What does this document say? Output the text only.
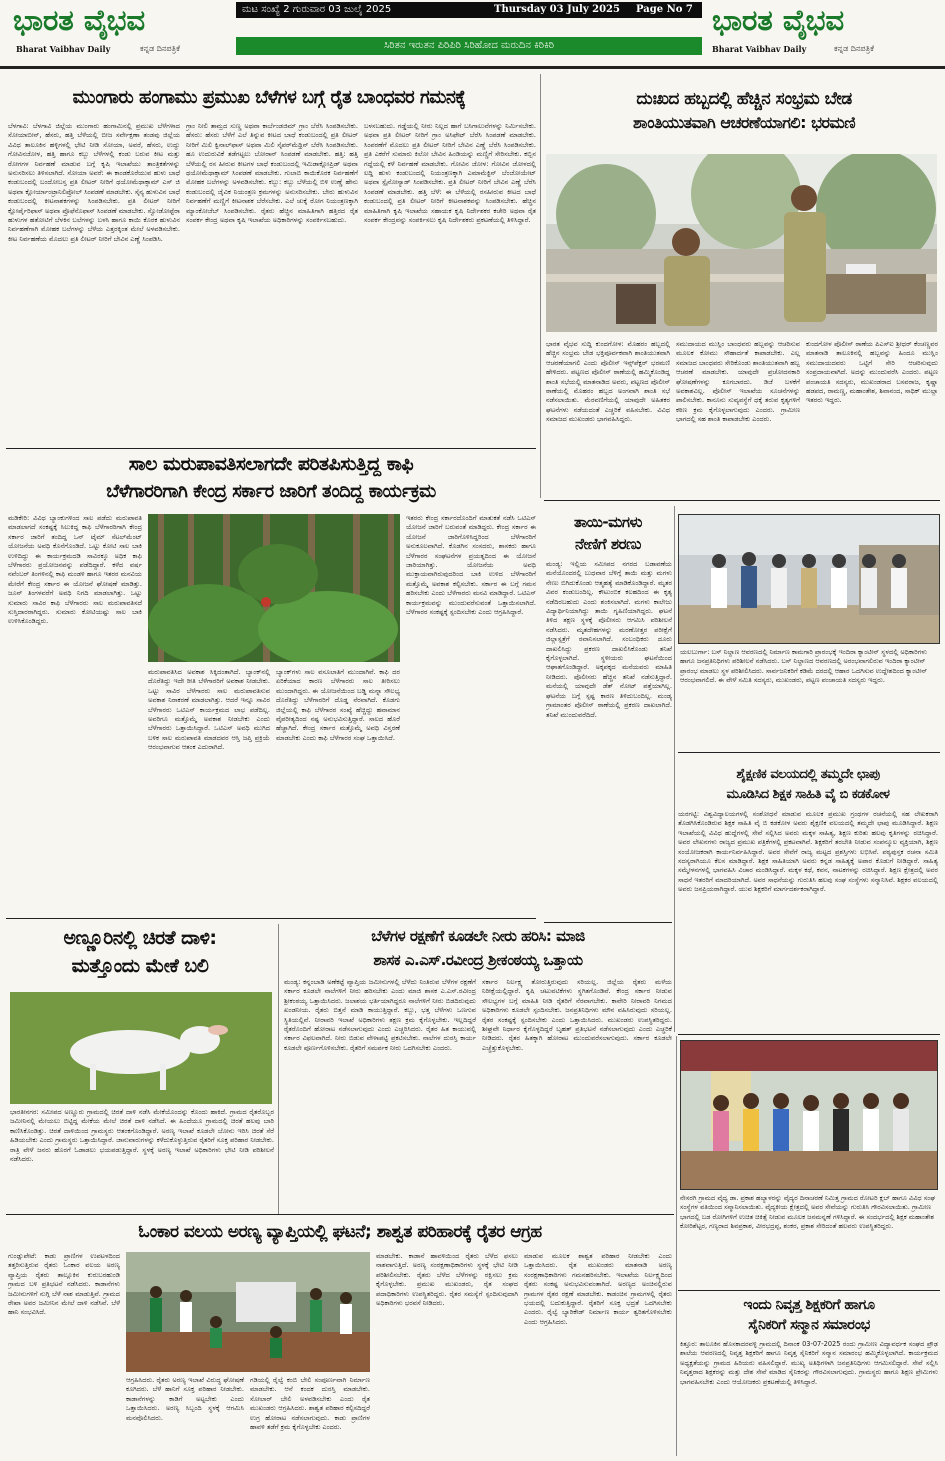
ಭಾರತ ವೈಭವ
Bharat Vaibhav Daily	ಕನ್ನಡ ದಿನಪತ್ರಿಕೆ
ಮಟ ಸಂಖ್ಯೆ 2 ಗುರುವಾರ 03 ಜುಲೈ 2025	Thursday 03 July 2025	Page No 7
ಸಿರಿತನ ಇರುತನ ಪಿರಿಪಿರಿ ಸಿರಿಹೋದ ಮರುದಿನ ಕಿರಿಕಿರಿ
ಭಾರತ ವೈಭವ
Bharat Vaibhav Daily	ಕನ್ನಡ ದಿನಪತ್ರಿಕೆ
ಮುಂಗಾರು ಹಂಗಾಮು ಪ್ರಮುಖ ಬೆಳೆಗಳ ಬಗ್ಗೆ ರೈತ ಬಾಂಧವರ ಗಮನಕ್ಕೆ
ಬೆಳಗಾವಿ: ಬೆಳಗಾವಿ ಜಿಲ್ಲೆಯ ಮುಂಗಾರು ಹಂಗಾಮಿನಲ್ಲಿ ಪ್ರಮುಖ ಬೆಳೆಗಳಾದ ಸೋಯಾಬೀನ್, ಹೆಸರು, ಹತ್ತಿ ಬೆಳೆಯಲ್ಲಿ ಬೀಜ ಸರ್ವೇಕ್ಷಣಾ ತಂಡವು ಜಿಲ್ಲೆಯ ವಿವಿಧ ತಾಲೂಕಿನ ಹಳ್ಳಿಗಳಲ್ಲಿ ಭೇಟಿ ನೀಡಿ ಸೋಯಾ, ಅವರೆ, ಹೆಸರು, ಉದ್ದು ಗೋವಿನಜೋಳ, ಹತ್ತಿ ಹಾಗೂ ಕಬ್ಬು ಬೆಳೆಗಳಲ್ಲಿ ಕಂಡು ಬರುವ ಕೀಟ ಮತ್ತು ರೋಗಗಳ ನಿರ್ವಹಣೆ ಮಾಡುವ ಬಗ್ಗೆ ಕೃಷಿ ಇಲಾಖೆಯು ತಾಂತ್ರಿಕತೆಗಳನ್ನು ಅನುಸರಿಸಲು ತಿಳಿಸಲಾಗಿದೆ. ಸೋಯಾ ಅವರೆ: ಈ ಕಾಂಡಕೊರೆಯುವ ಹುಳು ಬಾಧೆ ಕಂಡುಬಂದಲ್ಲಿ ಬಂದೋಬಸ್ತ ಪ್ರತಿ ಲೀಟರ್ ನೀರಿಗೆ ಥಯೋಮೆಥಾಕ್ಸಾಮ್ ಎಸ್ ಜಿ ಅಥವಾ ಕ್ಲೋರ್ಯಾಂಟ್ರಾನಿಲಿಪ್ರೋಲ್ ಸಿಂಪಡಣೆ ಮಾಡಬೇಕು. ಸೈನ್ಯ ಹುಳುವಿನ ಬಾಧೆ ಕಂಡುಬಂದಲ್ಲಿ ಕೀಟನಾಶಕಗಳನ್ನು ಸಿಂಪಡಿಸಬೇಕು. ಪ್ರತಿ ಲೀಟರ್ ನೀರಿಗೆ ಕ್ಲೋರ್ಪೈರಿಫಾಸ್ ಅಥವಾ ಪ್ರೊಫೆನೊಫಾಸ್ ಸಿಂಪಡಣೆ ಮಾಡಬೇಕು. ಸ್ವೋಡೋಪ್ಟೆರಾ ಹುಳುಗಳ ಹತೋಟಿಗೆ ಬೆಳಕಿನ ಬಲೆಗಳನ್ನು ಬಳಸಿ ಹಾಗೂ ಕಾಯಿ ಕೊರಕ ಹುಳುವಿನ ನಿರ್ವಹಣೆಗಾಗಿ ಮೋಹಕ ಬಲೆಗಳನ್ನು ಬೆಳೆಯ ಎತ್ತರಕ್ಕಿಂತ ಮೇಲೆ ಅಳವಡಿಸಬೇಕು. ಕೀಟ ನಿರ್ವಹಣೆಯ ಮೊದಲು ಪ್ರತಿ ಲೀಟರ್ ನೀರಿಗೆ ಬೇವಿನ ಎಣ್ಣೆ ಸಿಂಪಡಿಸಿ.
ಗ್ರಾಂ ನೀಲಿ ತಾಮ್ರದ ಸುಣ್ಣ ಅಥವಾ ಕಾರ್ಬೆಂಡಜಿಮ್ ಗ್ರಾಂ ಬೆರೆಸಿ ಸಿಂಪಡಿಸಬೇಕು. ಹೆಸರು: ಹೆಸರು ಬೆಳೆಗೆ ಎಲೆ ತಿನ್ನುವ ಕೀಟದ ಬಾಧೆ ಕಂಡುಬಂದಲ್ಲಿ ಪ್ರತಿ ಲೀಟರ್ ನೀರಿಗೆ ಮಿಲಿ ಕ್ವಿನಾಲ್‌ಫಾಸ್ ಅಥವಾ ಮಿಲಿ ಸೈಪರ್‌ಮೆಥ್ರಿನ್ ಬೆರೆಸಿ ಸಿಂಪಡಿಸಬೇಕು. ಹೂ ಉದುರುವಿಕೆ ತಡೆಗಟ್ಟಲು ಬೋರಾನ್ ಸಿಂಪಡಣೆ ಮಾಡಬೇಕು. ಹತ್ತಿ: ಹತ್ತಿ ಬೆಳೆಯಲ್ಲಿ ರಸ ಹೀರುವ ಕೀಟಗಳ ಬಾಧೆ ಕಂಡುಬಂದಲ್ಲಿ ಇಮಿಡಾಕ್ಲೋಪ್ರಿಡ್ ಅಥವಾ ಥಯೋಮೆಥಾಕ್ಸಾಮ್ ಸಿಂಪಡಣೆ ಮಾಡಬೇಕು. ಗುಲಾಬಿ ಕಾಯಿಕೊರಕ ನಿರ್ವಹಣೆಗೆ ಮೋಹಕ ಬಲೆಗಳನ್ನು ಅಳವಡಿಸಬೇಕು. ಕಬ್ಬು: ಕಬ್ಬು ಬೆಳೆಯಲ್ಲಿ ಬಿಳಿ ಉಣ್ಣೆ ಹೇನು ಕಂಡುಬಂದಲ್ಲಿ ಜೈವಿಕ ನಿಯಂತ್ರಣ ಕ್ರಮಗಳನ್ನು ಅನುಸರಿಸಬೇಕು. ಬೇರು ಹುಳುವಿನ ನಿರ್ವಹಣೆಗೆ ಮಣ್ಣಿಗೆ ಕೀಟನಾಶಕ ಬೆರೆಸಬೇಕು. ಎಲೆ ಚುಕ್ಕೆ ರೋಗ ನಿಯಂತ್ರಣಕ್ಕಾಗಿ ಮ್ಯಾಂಕೋಜೆಬ್ ಸಿಂಪಡಿಸಬೇಕು. ರೈತರು ಹೆಚ್ಚಿನ ಮಾಹಿತಿಗಾಗಿ ಹತ್ತಿರದ ರೈತ ಸಂಪರ್ಕ ಕೇಂದ್ರ ಅಥವಾ ಕೃಷಿ ಇಲಾಖೆಯ ಅಧಿಕಾರಿಗಳನ್ನು ಸಂಪರ್ಕಿಸಬಹುದು.
ಬಳಸಬಹುದು. ಗಡ್ಡೆಯಲ್ಲಿ ನೀರು ನಿಲ್ಲದ ಹಾಗೆ ಬಸಿಗಾಲುವೆಗಳನ್ನು ನಿರ್ಮಿಸಬೇಕು. ಅಥವಾ ಪ್ರತಿ ಲೀಟರ್ ನೀರಿಗೆ ಗ್ರಾಂ ಅಸಿಫೇಟ್ ಬೆರೆಸಿ ಸಿಂಪಡಣೆ ಮಾಡಬೇಕು. ಸಿಂಪರಣೆಗೆ ಮೊದಲು ಪ್ರತಿ ಲೀಟರ್ ನೀರಿಗೆ ಬೇವಿನ ಎಣ್ಣೆ ಬೆರೆಸಿ ಸಿಂಪಡಿಸಬೇಕು. ಪ್ರತಿ ಎಕರೆಗೆ ಸುಮಾರು ಕಿಲೋ ಬೇವಿನ ಹಿಂಡಿಯನ್ನು ಮಣ್ಣಿಗೆ ಸೇರಿಸಬೇಕು. ಕಬ್ಬಿನ ಗದ್ದೆಯಲ್ಲಿ ಕಳೆ ನಿರ್ವಹಣೆ ಮಾಡಬೇಕು. ಗೋವಿನ ಜೋಳ: ಗೋವಿನ ಜೋಳದಲ್ಲಿ ಲದ್ದಿ ಹುಳು ಕಂಡುಬಂದಲ್ಲಿ ನಿಯಂತ್ರಣಕ್ಕಾಗಿ ಎಮಾಮೆಕ್ಟಿನ್ ಬೆಂಜೋಯೇಟ್ ಅಥವಾ ಸ್ಪೈನೋಸ್ಯಾಡ್ ಸಿಂಪಡಿಸಬೇಕು. ಪ್ರತಿ ಲೀಟರ್ ನೀರಿಗೆ ಬೇವಿನ ಎಣ್ಣೆ ಬೆರೆಸಿ ಸಿಂಪಡಣೆ ಮಾಡಬೇಕು. ಹತ್ತಿ ಬೆಳೆ: ಈ ಬೆಳೆಯಲ್ಲಿ ರಸಹೀರುವ ಕೀಟದ ಬಾಧೆ ಕಂಡುಬಂದಲ್ಲಿ ಪ್ರತಿ ಲೀಟರ್ ನೀರಿಗೆ ಕೀಟನಾಶಕವನ್ನು ಸಿಂಪಡಿಸಬೇಕು. ಹೆಚ್ಚಿನ ಮಾಹಿತಿಗಾಗಿ ಕೃಷಿ ಇಲಾಖೆಯ ಸಹಾಯಕ ಕೃಷಿ ನಿರ್ದೇಶಕರ ಕಚೇರಿ ಅಥವಾ ರೈತ ಸಂಪರ್ಕ ಕೇಂದ್ರವನ್ನು ಸಂಪರ್ಕಿಸಲು ಕೃಷಿ ನಿರ್ದೇಶಕರು ಪ್ರಕಟಣೆಯಲ್ಲಿ ತಿಳಿಸಿದ್ದಾರೆ.
ದುಃಖದ ಹಬ್ಬದಲ್ಲಿ ಹೆಚ್ಚಿನ ಸಂಭ್ರಮ ಬೇಡ
ಶಾಂತಿಯುತವಾಗಿ ಆಚರಣೆಯಾಗಲಿ: ಭರಮಣಿ
ಭಾರತ ವೈಭವ ಸುದ್ದಿ ಕುಂದಗೋಳ: ಮೊಹರಂ ಹಬ್ಬದಲ್ಲಿ ಹೆಚ್ಚಿನ ಸಂಭ್ರಮ ಬೇಡ ಭಕ್ತಿಪೂರ್ವಕವಾಗಿ ಶಾಂತಿಯುತವಾಗಿ ಆಚರಣೆಯಾಗಲಿ ಎಂದು ಪೊಲೀಸ್ ಇನ್ಸ್‌ಪೆಕ್ಟರ್ ಭರಮಣಿ ಹೇಳಿದರು. ಪಟ್ಟಣದ ಪೊಲೀಸ್ ಠಾಣೆಯಲ್ಲಿ ಹಮ್ಮಿಕೊಂಡಿದ್ದ ಶಾಂತಿ ಸಭೆಯಲ್ಲಿ ಮಾತನಾಡಿದ ಅವರು, ಪಟ್ಟಣದ ಪೊಲೀಸ್ ಠಾಣೆಯಲ್ಲಿ ಮೊಹರಂ ಹಬ್ಬದ ಅಂಗವಾಗಿ ಶಾಂತಿ ಸಭೆ ನಡೆಸಲಾಯಿತು. ಮೆರವಣಿಗೆಯಲ್ಲಿ ಯಾವುದೇ ಅಹಿತಕರ ಘಟನೆಗಳು ನಡೆಯದಂತೆ ಎಚ್ಚರಿಕೆ ವಹಿಸಬೇಕು. ವಿವಿಧ ಸಮಾಜದ ಮುಖಂಡರು ಭಾಗವಹಿಸಿದ್ದರು.
ಸಮುದಾಯದ ಮುಸ್ಲಿಂ ಬಾಂಧವರು ಹಬ್ಬವನ್ನು ಆಚರಿಸುವ ಮೂಲಕ ಕೋಮು ಸೌಹಾರ್ದತೆ ಕಾಪಾಡಬೇಕು. ಎಲ್ಲ ಸಮಾಜದ ಬಾಂಧವರು ಸೇರಿಕೊಂಡು ಶಾಂತಿಯುತವಾಗಿ ಹಬ್ಬ ಆಚರಣೆ ಮಾಡಬೇಕು. ಯಾವುದೇ ಪ್ರಚೋದನಕಾರಿ ಘೋಷಣೆಗಳನ್ನು ಕೂಗಬಾರದು. ಡಿಜೆ ಬಳಕೆಗೆ ಅವಕಾಶವಿಲ್ಲ. ಪೊಲೀಸ್ ಇಲಾಖೆಯ ಸೂಚನೆಗಳನ್ನು ಪಾಲಿಸಬೇಕು. ಕಾನೂನು ಸುವ್ಯವಸ್ಥೆಗೆ ಧಕ್ಕೆ ತರುವ ಕೃತ್ಯಗಳಿಗೆ ಕಠಿಣ ಕ್ರಮ ಕೈಗೊಳ್ಳಲಾಗುವುದು ಎಂದರು. ಗ್ರಾಮೀಣ ಭಾಗದಲ್ಲಿ ಸಹ ಶಾಂತಿ ಕಾಪಾಡಬೇಕು ಎಂದರು.
ಕುಂದಗೋಳ ಪೊಲೀಸ್ ಠಾಣೆಯ ಪಿಎಸ್ಐ ಶ್ರೀಧರ್ ಕೆಂಚಣ್ಣವರ ಮಾತನಾಡಿ ತಾಲೂಕಿನಲ್ಲಿ ಹಬ್ಬವನ್ನು ಹಿಂದೂ ಮುಸ್ಲಿಂ ಸಮುದಾಯದವರು ಒಟ್ಟಿಗೆ ಸೇರಿ ಆಚರಿಸುವುದು ಸಂಪ್ರದಾಯವಾಗಿದೆ. ಅದನ್ನು ಮುಂದುವರೆಸಿ ಎಂದರು. ಪಟ್ಟಣ ಪಂಚಾಯತಿ ಸದಸ್ಯರು, ಮುಖಂಡರಾದ ಬಸವರಾಜ, ಕೃಷ್ಣಾ ಹಡಪದ, ರಾಮಣ್ಣ, ಮಹಾಂತೇಶ, ಶಿವಾನಂದ, ಸಾಧಿಕ್ ಮುಲ್ಲಾ ಇತರರು ಇದ್ದರು.
ಸಾಲ ಮರುಪಾವತಿಸಲಾಗದೇ ಪರಿತಪಿಸುತ್ತಿದ್ದ ಕಾಫಿ
ಬೆಳೆಗಾರರಿಗಾಗಿ ಕೇಂದ್ರ ಸರ್ಕಾರ ಜಾರಿಗೆ ತಂದಿದ್ದ ಕಾರ್ಯಕ್ರಮ
ಮಡಿಕೇರಿ: ವಿವಿಧ ಬ್ಯಾಂಕುಗಳಿಂದ ಸಾಲ ಪಡೆದು ಮರುಪಾವತಿ ಮಾಡಲಾಗದೆ ಸಂಕಷ್ಟಕ್ಕೆ ಸಿಲುಕಿದ್ದ ಕಾಫಿ ಬೆಳೆಗಾರರಿಗಾಗಿ ಕೇಂದ್ರ ಸರ್ಕಾರ ಜಾರಿಗೆ ತಂದಿದ್ದ ಒನ್ ಟೈಮ್ ಸೆಟಲ್‌ಮೆಂಟ್ ಯೋಜನೆಯ ಅವಧಿ ಕೊನೆಗೊಂಡಿದೆ. ಒಟ್ಟು ಕೋಟಿ ಸಾಲ ಬಾಕಿ ಉಳಿದಿದ್ದು ಈ ಕಾರ್ಯಕ್ರಮದಡಿ ಸಾವಿರಕ್ಕೂ ಅಧಿಕ ಕಾಫಿ ಬೆಳೆಗಾರರು ಪ್ರಯೋಜನವನ್ನು ಪಡೆದಿದ್ದಾರೆ. ಕಳೆದ ವರ್ಷ ನವೆಂಬರ್ ತಿಂಗಳಿನಲ್ಲಿ ಕಾಫಿ ಮಂಡಳಿ ಹಾಗೂ ಇತರರ ಮನವಿಯ ಮೇರೆಗೆ ಕೇಂದ್ರ ಸರ್ಕಾರ ಈ ಯೋಜನೆ ಘೋಷಣೆ ಮಾಡಿತ್ತು. ಜೂನ್ ತಿಂಗಳವರೆಗೆ ಅವಧಿ ನಿಗದಿ ಮಾಡಲಾಗಿತ್ತು. ಒಟ್ಟು ಸುಮಾರು ಸಾವಿರ ಕಾಫಿ ಬೆಳೆಗಾರರು ಸಾಲ ಮರುಪಾವತಿಸದೆ ಸುಸ್ತಿದಾರರಾಗಿದ್ದರು. ಸುಮಾರು ಕೋಟಿಯಷ್ಟು ಸಾಲ ಬಾಕಿ ಉಳಿಸಿಕೊಂಡಿದ್ದರು.
ಮರುಪಾವತಿಸಿದ ಅವಕಾಶ ಸಿಕ್ಕಿದಂತಾಗಿದೆ. ಬ್ಯಾಂಕ್‌ನಲ್ಲಿ ದೊರೆತಿದ್ದು ಇದೇ ರೀತಿ ಬೆಳೆಗಾರರಿಗೆ ಅವಕಾಶ ನೀಡಬೇಕು. ಒಟ್ಟು ಸಾವಿರ ಬೆಳೆಗಾರರು ಸಾಲ ಮರುಪಾವತಿಸುವ ಅವಕಾಶ ನಿರಾಕರಣೆ ಮಾಡಲಾಗಿತ್ತು. ಆದರೆ ಇನ್ನೂ ಸಾವಿರ ಬೆಳೆಗಾರರು ಒಟಿಎಸ್ ಕಾರ್ಯಕ್ರಮದ ಲಾಭ ಪಡೆದಿಲ್ಲ. ಅವರಿಗೂ ಮತ್ತೊಮ್ಮೆ ಅವಕಾಶ ನೀಡಬೇಕು ಎಂದು ಬೆಳೆಗಾರರು ಒತ್ತಾಯಿಸಿದ್ದಾರೆ. ಒಟಿಎಸ್ ಅವಧಿ ಮುಗಿದ ಬಳಿಕ ಸಾಲ ಮರುಪಾವತಿ ಮಾಡದವರ ಆಸ್ತಿ ಜಪ್ತಿ ಪ್ರಕ್ರಿಯೆ ಆರಂಭವಾಗುವ ಆತಂಕ ಎದುರಾಗಿದೆ.
ಬ್ಯಾಂಕ್‌ಗಳು ಸಾಲ ವಸೂಲಾತಿಗೆ ಮುಂದಾಗಿವೆ. ಕಾಫಿ ದರ ಏರಿಕೆಯಾದ ಕಾರಣ ಬೆಳೆಗಾರರು ಸಾಲ ತೀರಿಸಲು ಮುಂದಾಗಿದ್ದರು. ಈ ಯೋಜನೆಯಿಂದ ಬಡ್ಡಿ ಮನ್ನಾ ಸೌಲಭ್ಯ ದೊರೆತಿದ್ದು ಬೆಳೆಗಾರರಿಗೆ ದೊಡ್ಡ ನೆರವಾಗಿದೆ. ಕೊಡಗು ಜಿಲ್ಲೆಯಲ್ಲಿ ಕಾಫಿ ಬೆಳೆಗಾರರ ಸಂಖ್ಯೆ ಹೆಚ್ಚಿದ್ದು ಹವಾಮಾನ ವೈಪರೀತ್ಯದಿಂದ ನಷ್ಟ ಅನುಭವಿಸುತ್ತಿದ್ದಾರೆ. ಸಾಲದ ಹೊರೆ ಹೆಚ್ಚಾಗಿದೆ. ಕೇಂದ್ರ ಸರ್ಕಾರ ಮತ್ತೊಮ್ಮೆ ಅವಧಿ ವಿಸ್ತರಣೆ ಮಾಡಬೇಕು ಎಂದು ಕಾಫಿ ಬೆಳೆಗಾರರ ಸಂಘ ಒತ್ತಾಯಿಸಿದೆ.
ಇತರರು ಕೇಂದ್ರ ಸರ್ಕಾರದೊಂದಿಗೆ ಮಾತುಕತೆ ನಡೆಸಿ ಒಟಿಎಸ್ ಯೋಜನೆ ಜಾರಿಗೆ ಬರುವಂತೆ ಮಾಡಿದ್ದರು. ಕೇಂದ್ರ ಸರ್ಕಾರ ಈ ಯೋಜನೆ ಜಾರಿಗೊಳಿಸಿದ್ದರಿಂದ ಬೆಳೆಗಾರರಿಗೆ ಅನುಕೂಲವಾಗಿದೆ. ಕೊಡಗಿನ ಸಂಸದರು, ಶಾಸಕರು ಹಾಗೂ ಬೆಳೆಗಾರರ ಸಂಘಟನೆಗಳ ಪ್ರಯತ್ನದಿಂದ ಈ ಯೋಜನೆ ಜಾರಿಯಾಗಿತ್ತು. ಯೋಜನೆಯ ಅವಧಿ ಮುಕ್ತಾಯವಾಗಿರುವುದರಿಂದ ಬಾಕಿ ಉಳಿದ ಬೆಳೆಗಾರರಿಗೆ ಮತ್ತೊಮ್ಮೆ ಅವಕಾಶ ಕಲ್ಪಿಸಬೇಕು. ಸರ್ಕಾರ ಈ ಬಗ್ಗೆ ಗಮನ ಹರಿಸಬೇಕು ಎಂದು ಬೆಳೆಗಾರರು ಮನವಿ ಮಾಡಿದ್ದಾರೆ. ಒಟಿಎಸ್ ಕಾರ್ಯಕ್ರಮವನ್ನು ಮುಂದುವರೆಸುವಂತೆ ಒತ್ತಾಯಿಸಲಾಗಿದೆ. ಬೆಳೆಗಾರರ ಸಂಕಷ್ಟಕ್ಕೆ ಸ್ಪಂದಿಸಬೇಕು ಎಂದು ಆಗ್ರಹಿಸಿದ್ದಾರೆ.
ತಾಯಿ-ಮಗಳು
ನೇಣಿಗೆ ಶರಣು
ಮಂಡ್ಯ: ಇಲ್ಲಿಯ ಸಮೀಪದ ನಗರದ ಬಡಾವಣೆಯ ಮನೆಯೊಂದರಲ್ಲಿ ಬುಧವಾರ ಬೆಳಿಗ್ಗೆ ತಾಯಿ ಮತ್ತು ಮಗಳು ನೇಣು ಬಿಗಿದುಕೊಂಡು ಆತ್ಮಹತ್ಯೆ ಮಾಡಿಕೊಂಡಿದ್ದಾರೆ. ಮೃತರ ವಿವರ ಕಂಡುಬಂದಿಲ್ಲ. ಕೌಟುಂಬಿಕ ಕಲಹದಿಂದ ಈ ಕೃತ್ಯ ನಡೆದಿರಬಹುದು ಎಂದು ಶಂಕಿಸಲಾಗಿದೆ. ಮಗಳು ಕಾಲೇಜು ವಿದ್ಯಾರ್ಥಿನಿಯಾಗಿದ್ದು ತಾಯಿ ಗೃಹಿಣಿಯಾಗಿದ್ದರು. ಘಟನೆ ತಿಳಿದ ತಕ್ಷಣ ಸ್ಥಳಕ್ಕೆ ಪೊಲೀಸರು ಆಗಮಿಸಿ ಪರಿಶೀಲನೆ ನಡೆಸಿದರು. ಮೃತದೇಹಗಳನ್ನು ಮರಣೋತ್ತರ ಪರೀಕ್ಷೆಗೆ ಜಿಲ್ಲಾಸ್ಪತ್ರೆಗೆ ರವಾನಿಸಲಾಗಿದೆ. ಸಂಬಂಧಿಕರು ದೂರು ದಾಖಲಿಸಿದ್ದು ಪ್ರಕರಣ ದಾಖಲಿಸಿಕೊಂಡು ತನಿಖೆ ಕೈಗೊಳ್ಳಲಾಗಿದೆ. ಸ್ಥಳೀಯರು ಘಟನೆಯಿಂದ ಆಘಾತಗೊಂಡಿದ್ದಾರೆ. ಅಕ್ಕಪಕ್ಕದ ಮನೆಯವರು ಮಾಹಿತಿ ನೀಡಿದರು. ಪೊಲೀಸರು ಹೆಚ್ಚಿನ ತನಿಖೆ ನಡೆಸುತ್ತಿದ್ದಾರೆ. ಮನೆಯಲ್ಲಿ ಯಾವುದೇ ಡೆತ್ ನೋಟ್ ಪತ್ತೆಯಾಗಿಲ್ಲ. ಘಟನೆಯ ಬಗ್ಗೆ ಸ್ಪಷ್ಟ ಕಾರಣ ತಿಳಿದುಬಂದಿಲ್ಲ. ಮಂಡ್ಯ ಗ್ರಾಮಾಂತರ ಪೊಲೀಸ್ ಠಾಣೆಯಲ್ಲಿ ಪ್ರಕರಣ ದಾಖಲಾಗಿದೆ. ತನಿಖೆ ಮುಂದುವರೆದಿದೆ.
ಯಲಬುರ್ಗಾ: ಬಸ್ ನಿಲ್ದಾಣ ಆವರಣದಲ್ಲಿ ನಿರ್ಮಾಣ ಕಾಮಗಾರಿ ಪ್ರಾರಂಭಕ್ಕೆ ಇಂದಿರಾ ಕ್ಯಾಂಟೀನ್ ಸ್ಥಳದಲ್ಲಿ ಅಧಿಕಾರಿಗಳು ಹಾಗೂ ಜನಪ್ರತಿನಿಧಿಗಳು ಪರಿಶೀಲನೆ ನಡೆಸಿದರು. ಬಸ್ ನಿಲ್ದಾಣದ ಆವರಣದಲ್ಲಿ ಅರಂಭವಾಗಲಿರುವ ಇಂದಿರಾ ಕ್ಯಾಂಟೀನ್ ಪ್ರಾರಂಭ ಮಾಡಲು ಸ್ಥಳ ಪರಿಶೀಲಿಸಿದರು. ಸಾರ್ವಜನಿಕರಿಗೆ ಕಡಿಮೆ ದರದಲ್ಲಿ ಆಹಾರ ಒದಗಿಸುವ ಉದ್ದೇಶದಿಂದ ಕ್ಯಾಂಟೀನ್ ಆರಂಭವಾಗಲಿದೆ. ಈ ವೇಳೆ ಸಮಿತಿ ಸದಸ್ಯರು, ಮುಖಂಡರು, ಪಟ್ಟಣ ಪಂಚಾಯತಿ ಸದಸ್ಯರು ಇದ್ದರು.
ಶೈಕ್ಷಣಿಕ ವಲಯದಲ್ಲಿ ತಮ್ಮದೇ ಛಾಪು
ಮೂಡಿಸಿದ ಶಿಕ್ಷಕ ಸಾಹಿತಿ ವೈ ಬಿ ಕಡಕೋಳ
ಯರಗಟ್ಟಿ: ವಿಶ್ವವಿದ್ಯಾಲಯಗಳಲ್ಲಿ ಸಂಶೋಧನೆ ಮಾಡುವ ಮೂಲಕ ಪ್ರಮುಖ ಗ್ರಂಥಗಳ ರಚನೆಯಲ್ಲಿ ಸಹ ಲೇಖಕರಾಗಿ ತೊಡಗಿಸಿಕೊಂಡಿರುವ ಶಿಕ್ಷಕ ಸಾಹಿತಿ ವೈ ಬಿ ಕಡಕೋಳ ಅವರು ಶೈಕ್ಷಣಿಕ ವಲಯದಲ್ಲಿ ತಮ್ಮದೇ ಛಾಪು ಮೂಡಿಸಿದ್ದಾರೆ. ಶಿಕ್ಷಣ ಇಲಾಖೆಯಲ್ಲಿ ವಿವಿಧ ಹುದ್ದೆಗಳಲ್ಲಿ ಸೇವೆ ಸಲ್ಲಿಸಿದ ಅವರು ಮಕ್ಕಳ ಸಾಹಿತ್ಯ, ಶಿಕ್ಷಣ ಕುರಿತು ಹಲವು ಕೃತಿಗಳನ್ನು ರಚಿಸಿದ್ದಾರೆ. ಅವರ ಲೇಖನಗಳು ರಾಜ್ಯದ ಪ್ರಮುಖ ಪತ್ರಿಕೆಗಳಲ್ಲಿ ಪ್ರಕಟವಾಗಿವೆ. ಶಿಕ್ಷಕರಿಗೆ ತರಬೇತಿ ನೀಡುವ ಸಂಪನ್ಮೂಲ ವ್ಯಕ್ತಿಯಾಗಿ, ಶಿಕ್ಷಣ ಸಂಯೋಜಕರಾಗಿ ಕಾರ್ಯನಿರ್ವಹಿಸಿದ್ದಾರೆ. ಅವರ ಸೇವೆಗೆ ರಾಜ್ಯ ಮಟ್ಟದ ಪ್ರಶಸ್ತಿಗಳು ಲಭಿಸಿವೆ. ಪಠ್ಯಪುಸ್ತಕ ರಚನಾ ಸಮಿತಿ ಸದಸ್ಯರಾಗಿಯೂ ಕೆಲಸ ಮಾಡಿದ್ದಾರೆ. ಶಿಕ್ಷಕ ಸಾಹಿತಿಯಾಗಿ ಅವರು ಕನ್ನಡ ಸಾಹಿತ್ಯಕ್ಕೆ ಅಪಾರ ಕೊಡುಗೆ ನೀಡಿದ್ದಾರೆ. ಸಾಹಿತ್ಯ ಸಮ್ಮೇಳನಗಳಲ್ಲಿ ಭಾಗವಹಿಸಿ ವಿಚಾರ ಮಂಡಿಸಿದ್ದಾರೆ. ಮಕ್ಕಳ ಕಥೆ, ಕವನ, ನಾಟಕಗಳನ್ನು ರಚಿಸಿದ್ದಾರೆ. ಶಿಕ್ಷಣ ಕ್ಷೇತ್ರದಲ್ಲಿ ಅವರ ಸಾಧನೆ ಇತರರಿಗೆ ಮಾದರಿಯಾಗಿದೆ. ಅವರ ಸಾಧನೆಯನ್ನು ಗುರುತಿಸಿ ಹಲವು ಸಂಘ ಸಂಸ್ಥೆಗಳು ಸನ್ಮಾನಿಸಿವೆ. ಶಿಕ್ಷಕರ ವಲಯದಲ್ಲಿ ಅವರು ಜನಪ್ರಿಯರಾಗಿದ್ದಾರೆ. ಯುವ ಶಿಕ್ಷಕರಿಗೆ ಮಾರ್ಗದರ್ಶಕರಾಗಿದ್ದಾರೆ.
ಅಣ್ಣೂರಿನಲ್ಲಿ ಚಿರತೆ ದಾಳಿ:
ಮತ್ತೊಂದು ಮೇಕೆ ಬಲಿ
ಭಾರತೀನಗರ: ಸಮೀಪದ ಅಣ್ಣೂರು ಗ್ರಾಮದಲ್ಲಿ ಚಿರತೆ ದಾಳಿ ನಡೆಸಿ ಮೇಕೆಯೊಂದನ್ನು ಕೊಂದು ಹಾಕಿದೆ. ಗ್ರಾಮದ ರೈತರೊಬ್ಬರ ಜಮೀನಿನಲ್ಲಿ ಮೇಯಲು ಬಿಟ್ಟಿದ್ದ ಮೇಕೆಯ ಮೇಲೆ ಚಿರತೆ ದಾಳಿ ನಡೆಸಿದೆ. ಈ ಹಿಂದೆಯೂ ಗ್ರಾಮದಲ್ಲಿ ಚಿರತೆ ಹಲವು ಬಾರಿ ಕಾಣಿಸಿಕೊಂಡಿತ್ತು. ಚಿರತೆ ದಾಳಿಯಿಂದ ಗ್ರಾಮಸ್ಥರು ಆತಂಕಗೊಂಡಿದ್ದಾರೆ. ಅರಣ್ಯ ಇಲಾಖೆ ಕೂಡಲೇ ಬೋನು ಇರಿಸಿ ಚಿರತೆ ಸೆರೆ ಹಿಡಿಯಬೇಕು ಎಂದು ಗ್ರಾಮಸ್ಥರು ಒತ್ತಾಯಿಸಿದ್ದಾರೆ. ಜಾನುವಾರುಗಳನ್ನು ಕಳೆದುಕೊಳ್ಳುತ್ತಿರುವ ರೈತರಿಗೆ ಸೂಕ್ತ ಪರಿಹಾರ ನೀಡಬೇಕು. ರಾತ್ರಿ ವೇಳೆ ಜನರು ಹೊರಗೆ ಓಡಾಡಲು ಭಯಪಡುತ್ತಿದ್ದಾರೆ. ಸ್ಥಳಕ್ಕೆ ಅರಣ್ಯ ಇಲಾಖೆ ಅಧಿಕಾರಿಗಳು ಭೇಟಿ ನೀಡಿ ಪರಿಶೀಲನೆ ನಡೆಸಿದರು.
ಬೆಳೆಗಳ ರಕ್ಷಣೆಗೆ ಕೂಡಲೇ ನೀರು ಹರಿಸಿ: ಮಾಜಿ
ಶಾಸಕ ಎ.ಎಸ್.ರವೀಂದ್ರ ಶ್ರೀಕಂಠಯ್ಯ ಒತ್ತಾಯ
ಮಂಡ್ಯ: ಕನ್ನಂಬಾಡಿ ಅಣೆಕಟ್ಟೆ ವ್ಯಾಪ್ತಿಯ ಜಮೀನುಗಳಲ್ಲಿ ಬೆಳೆದು ನಿಂತಿರುವ ಬೆಳೆಗಳ ರಕ್ಷಣೆಗೆ ಸರ್ಕಾರ ಕೂಡಲೇ ನಾಲೆಗಳಿಗೆ ನೀರು ಹರಿಸಬೇಕು ಎಂದು ಮಾಜಿ ಶಾಸಕ ಎ.ಎಸ್.ರವೀಂದ್ರ ಶ್ರೀಕಂಠಯ್ಯ ಒತ್ತಾಯಿಸಿದರು. ಜಲಾಶಯ ಭರ್ತಿಯಾಗಿದ್ದರೂ ನಾಲೆಗಳಿಗೆ ನೀರು ಬಿಡದಿರುವುದು ಖಂಡನೀಯ. ರೈತರು ಬಿತ್ತನೆ ಮಾಡಿ ಕಾಯುತ್ತಿದ್ದಾರೆ. ಕಬ್ಬು, ಭತ್ತ ಬೆಳೆಗಳು ಒಣಗುವ ಸ್ಥಿತಿಯಲ್ಲಿವೆ. ನೀರಾವರಿ ಇಲಾಖೆ ಅಧಿಕಾರಿಗಳು ತಕ್ಷಣ ಕ್ರಮ ಕೈಗೊಳ್ಳಬೇಕು. ಇಲ್ಲದಿದ್ದರೆ ರೈತರೊಂದಿಗೆ ಹೋರಾಟ ನಡೆಸಲಾಗುವುದು ಎಂದು ಎಚ್ಚರಿಸಿದರು. ರೈತರ ಹಿತ ಕಾಯುವಲ್ಲಿ ಸರ್ಕಾರ ವಿಫಲವಾಗಿದೆ. ನೀರು ಬಿಡುವ ವೇಳಾಪಟ್ಟಿ ಪ್ರಕಟಿಸಬೇಕು. ನಾಲೆಗಳ ದುರಸ್ತಿ ಕಾರ್ಯ ಕೂಡಲೇ ಪೂರ್ಣಗೊಳಿಸಬೇಕು. ರೈತರಿಗೆ ಸಮರ್ಪಕ ನೀರು ಒದಗಿಸಬೇಕು ಎಂದರು.
ಸರ್ಕಾರ ನಿರ್ಲಕ್ಷ್ಯ ತೋರುತ್ತಿರುವುದು ಸರಿಯಲ್ಲ. ಜಿಲ್ಲೆಯ ರೈತರು ಮಳೆಯ ನಿರೀಕ್ಷೆಯಲ್ಲಿದ್ದಾರೆ. ಕೃಷಿ ಚಟುವಟಿಕೆಗಳು ಸ್ಥಗಿತಗೊಂಡಿವೆ. ಕೇಂದ್ರ ಸರ್ಕಾರ ನೀಡುವ ಸೌಲಭ್ಯಗಳ ಬಗ್ಗೆ ಮಾಹಿತಿ ನೀಡಿ ರೈತರಿಗೆ ನೆರವಾಗಬೇಕು. ಕಾವೇರಿ ನೀರಾವರಿ ನಿಗಮದ ಅಧಿಕಾರಿಗಳು ಕೂಡಲೇ ಸ್ಪಂದಿಸಬೇಕು. ಜನಪ್ರತಿನಿಧಿಗಳು ಮೌನ ವಹಿಸಿರುವುದು ಸರಿಯಲ್ಲ. ರೈತರ ಸಂಕಷ್ಟಕ್ಕೆ ಸ್ಪಂದಿಸಬೇಕು ಎಂದು ಒತ್ತಾಯಿಸಿದರು. ಮುಖಂಡರು ಉಪಸ್ಥಿತರಿದ್ದರು. ಶೀಘ್ರವೇ ನಿರ್ಧಾರ ಕೈಗೊಳ್ಳದಿದ್ದರೆ ಬೃಹತ್ ಪ್ರತಿಭಟನೆ ನಡೆಸಲಾಗುವುದು ಎಂದು ಎಚ್ಚರಿಕೆ ನೀಡಿದರು. ರೈತರ ಹಿತಕ್ಕಾಗಿ ಹೋರಾಟ ಮುಂದುವರೆಸಲಾಗುವುದು. ಸರ್ಕಾರ ಕೂಡಲೇ ಎಚ್ಚೆತ್ತುಕೊಳ್ಳಬೇಕು.
ನೇಸರಗಿ ಗ್ರಾಮದ ವೈದ್ಯ ಡಾ. ಪ್ರಕಾಶ ಹಲ್ಯಾಳರನ್ನು ವೈದ್ಯರ ದಿನಾಚರಣೆ ನಿಮಿತ್ತ ಗ್ರಾಮದ ರೋಟರಿ ಕ್ಲಬ್ ಹಾಗೂ ವಿವಿಧ ಸಂಘ ಸಂಸ್ಥೆಗಳ ವತಿಯಿಂದ ಸನ್ಮಾನಿಸಲಾಯಿತು. ವೈದ್ಯಕೀಯ ಕ್ಷೇತ್ರದಲ್ಲಿ ಅವರ ಸೇವೆಯನ್ನು ಗುರುತಿಸಿ ಗೌರವಿಸಲಾಯಿತು. ಗ್ರಾಮೀಣ ಭಾಗದಲ್ಲಿ ಬಡ ರೋಗಿಗಳಿಗೆ ಉಚಿತ ಚಿಕಿತ್ಸೆ ನೀಡುವ ಮೂಲಕ ಜನಮನ್ನಣೆ ಗಳಿಸಿದ್ದಾರೆ. ಈ ಸಂದರ್ಭದಲ್ಲಿ ಶಿಕ್ಷಕ ಮಹಾಂತೇಶ ಕೋರಿಶೆಟ್ಟರ, ಗಣ್ಯರಾದ ಶಿವಪ್ರಕಾಶ, ವೀರಭದ್ರಪ್ಪ, ಶಂಕರ, ಪ್ರಕಾಶ ಸೇರಿದಂತೆ ಹಲವರು ಉಪಸ್ಥಿತರಿದ್ದರು.
ಓಂಕಾರ ವಲಯ ಅರಣ್ಯ ವ್ಯಾಪ್ತಿಯಲ್ಲಿ ಘಟನೆ; ಶಾಶ್ವತ ಪರಿಹಾರಕ್ಕೆ ರೈತರ ಆಗ್ರಹ
ಗುಂಡ್ಲುಪೇಟೆ: ಕಾಡು ಪ್ರಾಣಿಗಳ ಉಪಟಳದಿಂದ ತತ್ತರಿಸುತ್ತಿರುವ ರೈತರು ಓಂಕಾರ ವಲಯ ಅರಣ್ಯ ವ್ಯಾಪ್ತಿಯ ರೈತರು ತಾಲ್ಲೂಕಿನ ಕುರುಬರಹುಂಡಿ ಗ್ರಾಮದ ಬಳಿ ಪ್ರತಿಭಟನೆ ನಡೆಸಿದರು. ಕಾಡಾನೆಗಳು ಜಮೀನುಗಳಿಗೆ ನುಗ್ಗಿ ಬೆಳೆ ನಾಶ ಮಾಡುತ್ತಿವೆ. ಗ್ರಾಮದ ರೇಖಾ ಅವರ ಜಮೀನಿನ ಮೇಲೆ ದಾಳಿ ನಡೆಸಿವೆ. ಬೆಳೆ ಹಾನಿ ಸಂಭವಿಸಿದೆ.
ಆಗ್ರಹಿಸಿದರು. ರೈತರು ಅರಣ್ಯ ಇಲಾಖೆ ವಿರುದ್ಧ ಘೋಷಣೆ ಕೂಗಿದರು. ಬೆಳೆ ಹಾನಿಗೆ ಸೂಕ್ತ ಪರಿಹಾರ ನೀಡಬೇಕು. ಕಾಡಾನೆಗಳನ್ನು ಕಾಡಿಗೆ ಅಟ್ಟಬೇಕು ಎಂದು ಒತ್ತಾಯಿಸಿದರು. ಅರಣ್ಯ ಸಿಬ್ಬಂದಿ ಸ್ಥಳಕ್ಕೆ ಆಗಮಿಸಿ ಮನವೊಲಿಸಿದರು.
ಗಡಿಯಲ್ಲಿ ರೈಲ್ವೆ ಕಂಬಿ ಬೇಲಿ ಸಂಪೂರ್ಣವಾಗಿ ನಿರ್ಮಾಣ ಮಾಡಬೇಕು. ಆನೆ ಕಂದಕ ದುರಸ್ತಿ ಮಾಡಬೇಕು. ಸೋಲಾರ್ ಬೇಲಿ ಅಳವಡಿಸಬೇಕು ಎಂದು ರೈತ ಮುಖಂಡರು ಆಗ್ರಹಿಸಿದರು. ಶಾಶ್ವತ ಪರಿಹಾರ ಕಲ್ಪಿಸದಿದ್ದರೆ ಉಗ್ರ ಹೋರಾಟ ನಡೆಸಲಾಗುವುದು. ಕಾಡು ಪ್ರಾಣಿಗಳ ಹಾವಳಿ ತಡೆಗೆ ಕ್ರಮ ಕೈಗೊಳ್ಳಬೇಕು ಎಂದರು.
ಮಾಡಬೇಕು. ಕಾಡಾನೆ ಹಾವಳಿಯಿಂದ ರೈತರು ಬೆಳೆದ ಫಸಲು ನಾಶವಾಗುತ್ತಿದೆ. ಅರಣ್ಯ ಸಂರಕ್ಷಣಾಧಿಕಾರಿಗಳು ಸ್ಥಳಕ್ಕೆ ಭೇಟಿ ನೀಡಿ ಪರಿಶೀಲಿಸಬೇಕು. ರೈತರು ಬೆಳೆದ ಬೆಳೆಗಳನ್ನು ರಕ್ಷಿಸಲು ಕ್ರಮ ಕೈಗೊಳ್ಳಬೇಕು. ಪ್ರಮುಖ ಮುಖಂಡರು, ರೈತ ಸಂಘದ ಪದಾಧಿಕಾರಿಗಳು ಉಪಸ್ಥಿತರಿದ್ದರು. ರೈತರ ಸಮಸ್ಯೆಗೆ ಸ್ಪಂದಿಸುವುದಾಗಿ ಅಧಿಕಾರಿಗಳು ಭರವಸೆ ನೀಡಿದರು.
ಮಾಡುವ ಮೂಲಕ ಶಾಶ್ವತ ಪರಿಹಾರ ನೀಡಬೇಕು ಎಂದು ಒತ್ತಾಯಿಸಿದರು. ರೈತ ಮುಖಂಡರು ಮಾತನಾಡಿ ಅರಣ್ಯ ಸಂರಕ್ಷಣಾಧಿಕಾರಿಗಳು ಗಮನಹರಿಸಬೇಕು. ಇಲಾಖೆಯ ನಿರ್ಲಕ್ಷ್ಯದಿಂದ ರೈತರು ಸಂಕಷ್ಟ ಅನುಭವಿಸುವಂತಾಗಿದೆ. ಅರಣ್ಯದ ಅಂಚಿನಲ್ಲಿರುವ ಗ್ರಾಮಗಳ ರೈತರ ರಕ್ಷಣೆ ಮಾಡಬೇಕು. ಕಾಡಂಚಿನ ಗ್ರಾಮಗಳಲ್ಲಿ ರೈತರು ಭಯದಲ್ಲಿ ಬದುಕುತ್ತಿದ್ದಾರೆ. ರೈತರಿಗೆ ಸೂಕ್ತ ಭದ್ರತೆ ಒದಗಿಸಬೇಕು ಎಂದರು. ರೈಲ್ವೆ ಬ್ಯಾರಿಕೇಡ್ ನಿರ್ಮಾಣ ಕಾರ್ಯ ತ್ವರಿತಗೊಳಿಸಬೇಕು ಎಂದು ಆಗ್ರಹಿಸಿದರು.
ಇಂದು ನಿವೃತ್ತ ಶಿಕ್ಷಕರಿಗೆ ಹಾಗೂ
ಸೈನಿಕರಿಗೆ ಸನ್ಮಾನ ಸಮಾರಂಭ
ಕಿತ್ತೂರ: ತಾಲೂಕಿನ ಹೊಸಕಾದರವಳ್ಳಿ ಗ್ರಾಮದಲ್ಲಿ ದಿನಾಂಕ 03-07-2025 ರಂದು ಗ್ರಾಮೀಣ ವಿದ್ಯಾವರ್ಧಕ ಸಂಘದ ಪ್ರೌಢ ಶಾಲೆಯ ಆವರಣದಲ್ಲಿ ನಿವೃತ್ತ ಶಿಕ್ಷಕರಿಗೆ ಹಾಗೂ ನಿವೃತ್ತ ಸೈನಿಕರಿಗೆ ಸನ್ಮಾನ ಸಮಾರಂಭ ಹಮ್ಮಿಕೊಳ್ಳಲಾಗಿದೆ. ಕಾರ್ಯಕ್ರಮದ ಅಧ್ಯಕ್ಷತೆಯನ್ನು ಗ್ರಾಮದ ಹಿರಿಯರು ವಹಿಸಲಿದ್ದಾರೆ. ಮುಖ್ಯ ಅತಿಥಿಗಳಾಗಿ ಜನಪ್ರತಿನಿಧಿಗಳು ಆಗಮಿಸಲಿದ್ದಾರೆ. ಸೇವೆ ಸಲ್ಲಿಸಿ ನಿವೃತ್ತರಾದ ಶಿಕ್ಷಕರನ್ನು ಮತ್ತು ದೇಶ ಸೇವೆ ಮಾಡಿದ ಸೈನಿಕರನ್ನು ಗೌರವಿಸಲಾಗುವುದು. ಗ್ರಾಮಸ್ಥರು ಹಾಗೂ ಶಿಕ್ಷಣ ಪ್ರೇಮಿಗಳು ಭಾಗವಹಿಸಬೇಕು ಎಂದು ಆಯೋಜಕರು ಪ್ರಕಟಣೆಯಲ್ಲಿ ತಿಳಿಸಿದ್ದಾರೆ.
